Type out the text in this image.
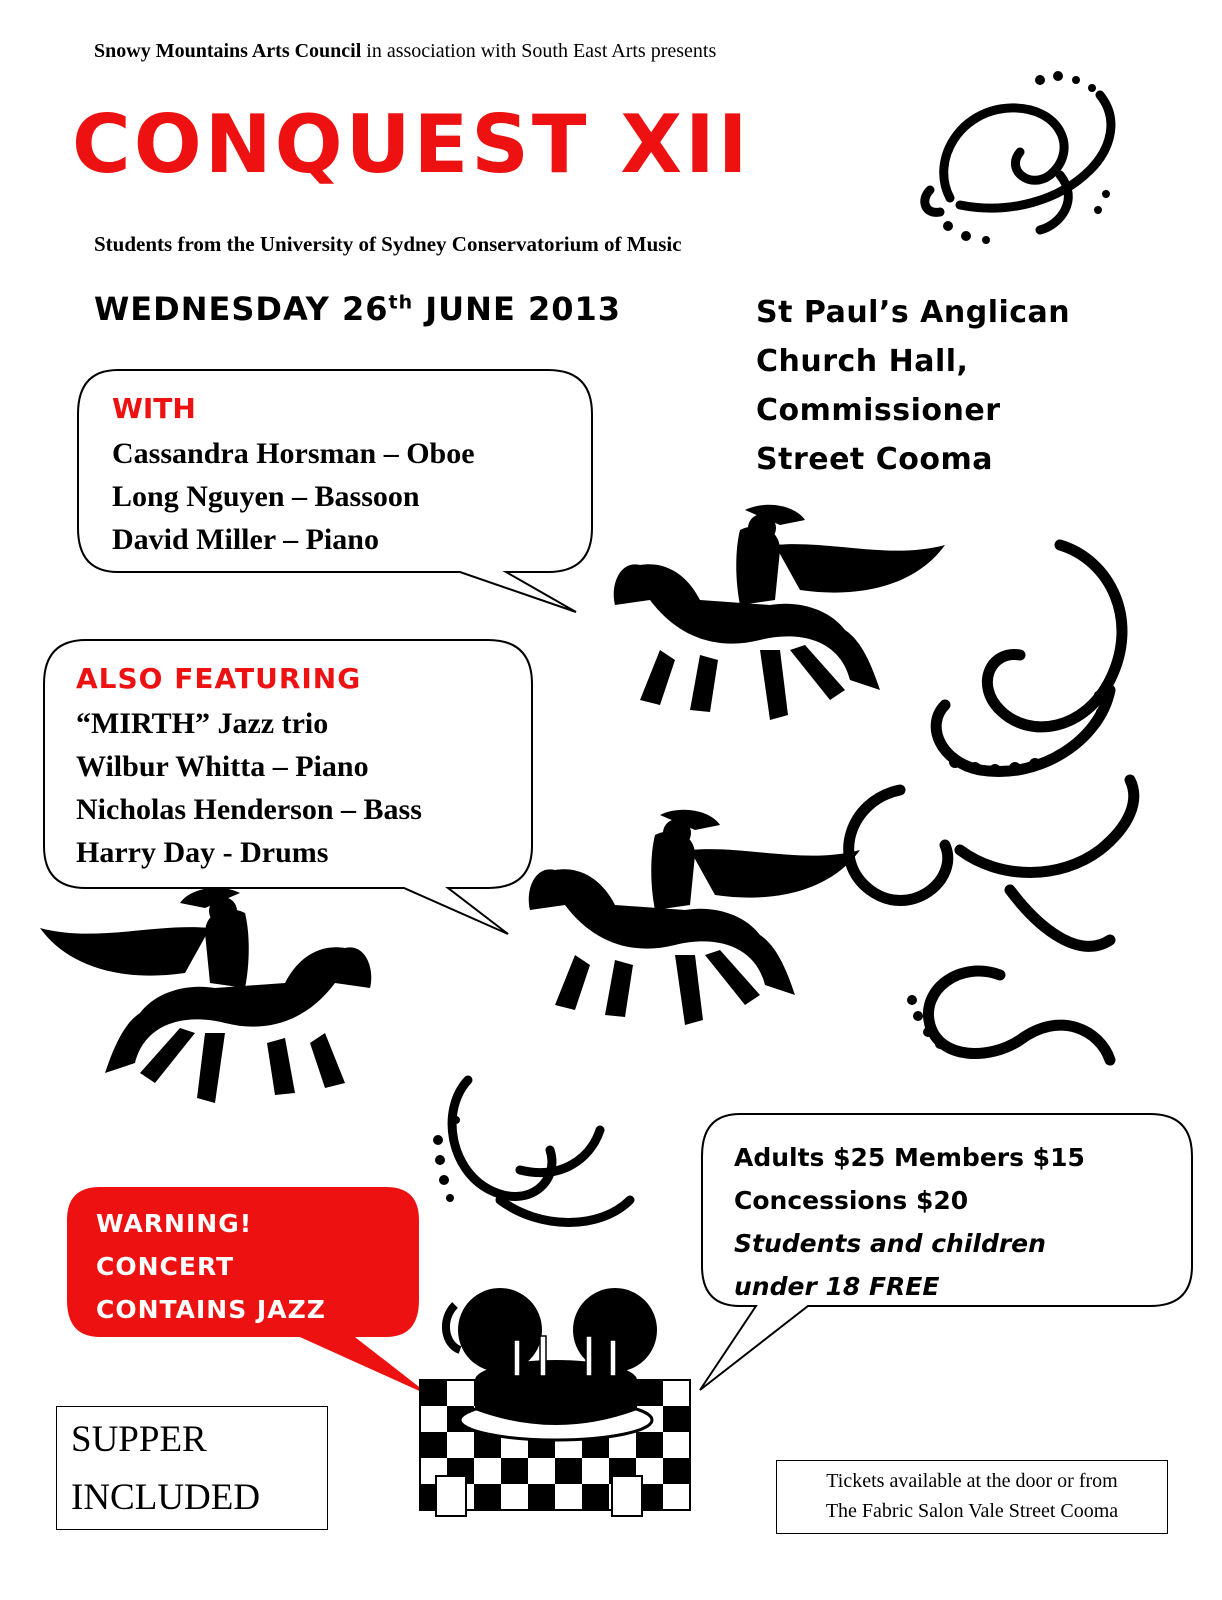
Snowy Mountains Arts Council in association with South East Arts presents
CONQUEST XII
Students from the University of Sydney Conservatorium of Music
WEDNESDAY 26th JUNE 2013	St Paul’s Anglican
Church Hall,
Commissioner
Street Cooma
WITH
Cassandra Horsman – Oboe
Long Nguyen – Bassoon
David Miller – Piano
ALSO FEATURING
“MIRTH” Jazz trio
Wilbur Whitta – Piano
Nicholas Henderson – Bass
Harry Day - Drums
WARNING!
CONCERT
CONTAINS JAZZ
Adults $25 Members $15
Concessions $20
Students and children
under 18 FREE
SUPPER
INCLUDED	Tickets available at the door or from
The Fabric Salon Vale Street Cooma
